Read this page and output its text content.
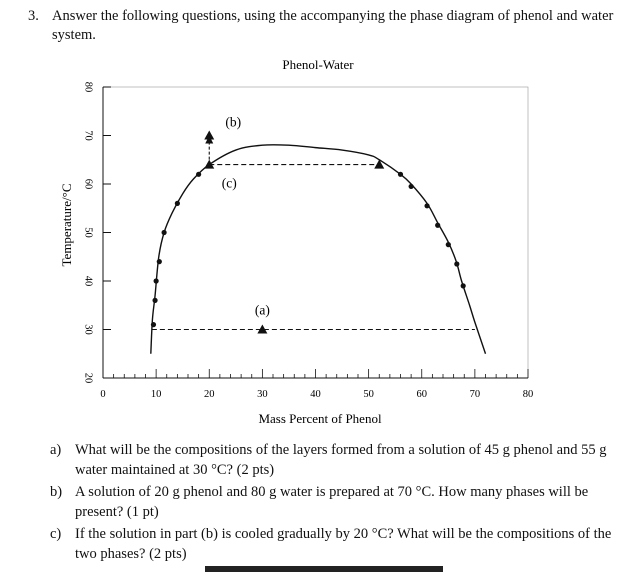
3. Answer the following questions, using the accompanying the phase diagram of phenol and water system.
Phenol-Water
Temperature/°C
Mass Percent of Phenol
20
30
40
50
60
70
80
0	10	20	30	40	50	60	70	80
(a)
(b)
(c)
a) What will be the compositions of the layers formed from a solution of 45 g phenol and 55 g water maintained at 30 °C? (2 pts)
b) A solution of 20 g phenol and 80 g water is prepared at 70 °C. How many phases will be present? (1 pt)
c) If the solution in part (b) is cooled gradually by 20 °C? What will be the compositions of the two phases? (2 pts)
